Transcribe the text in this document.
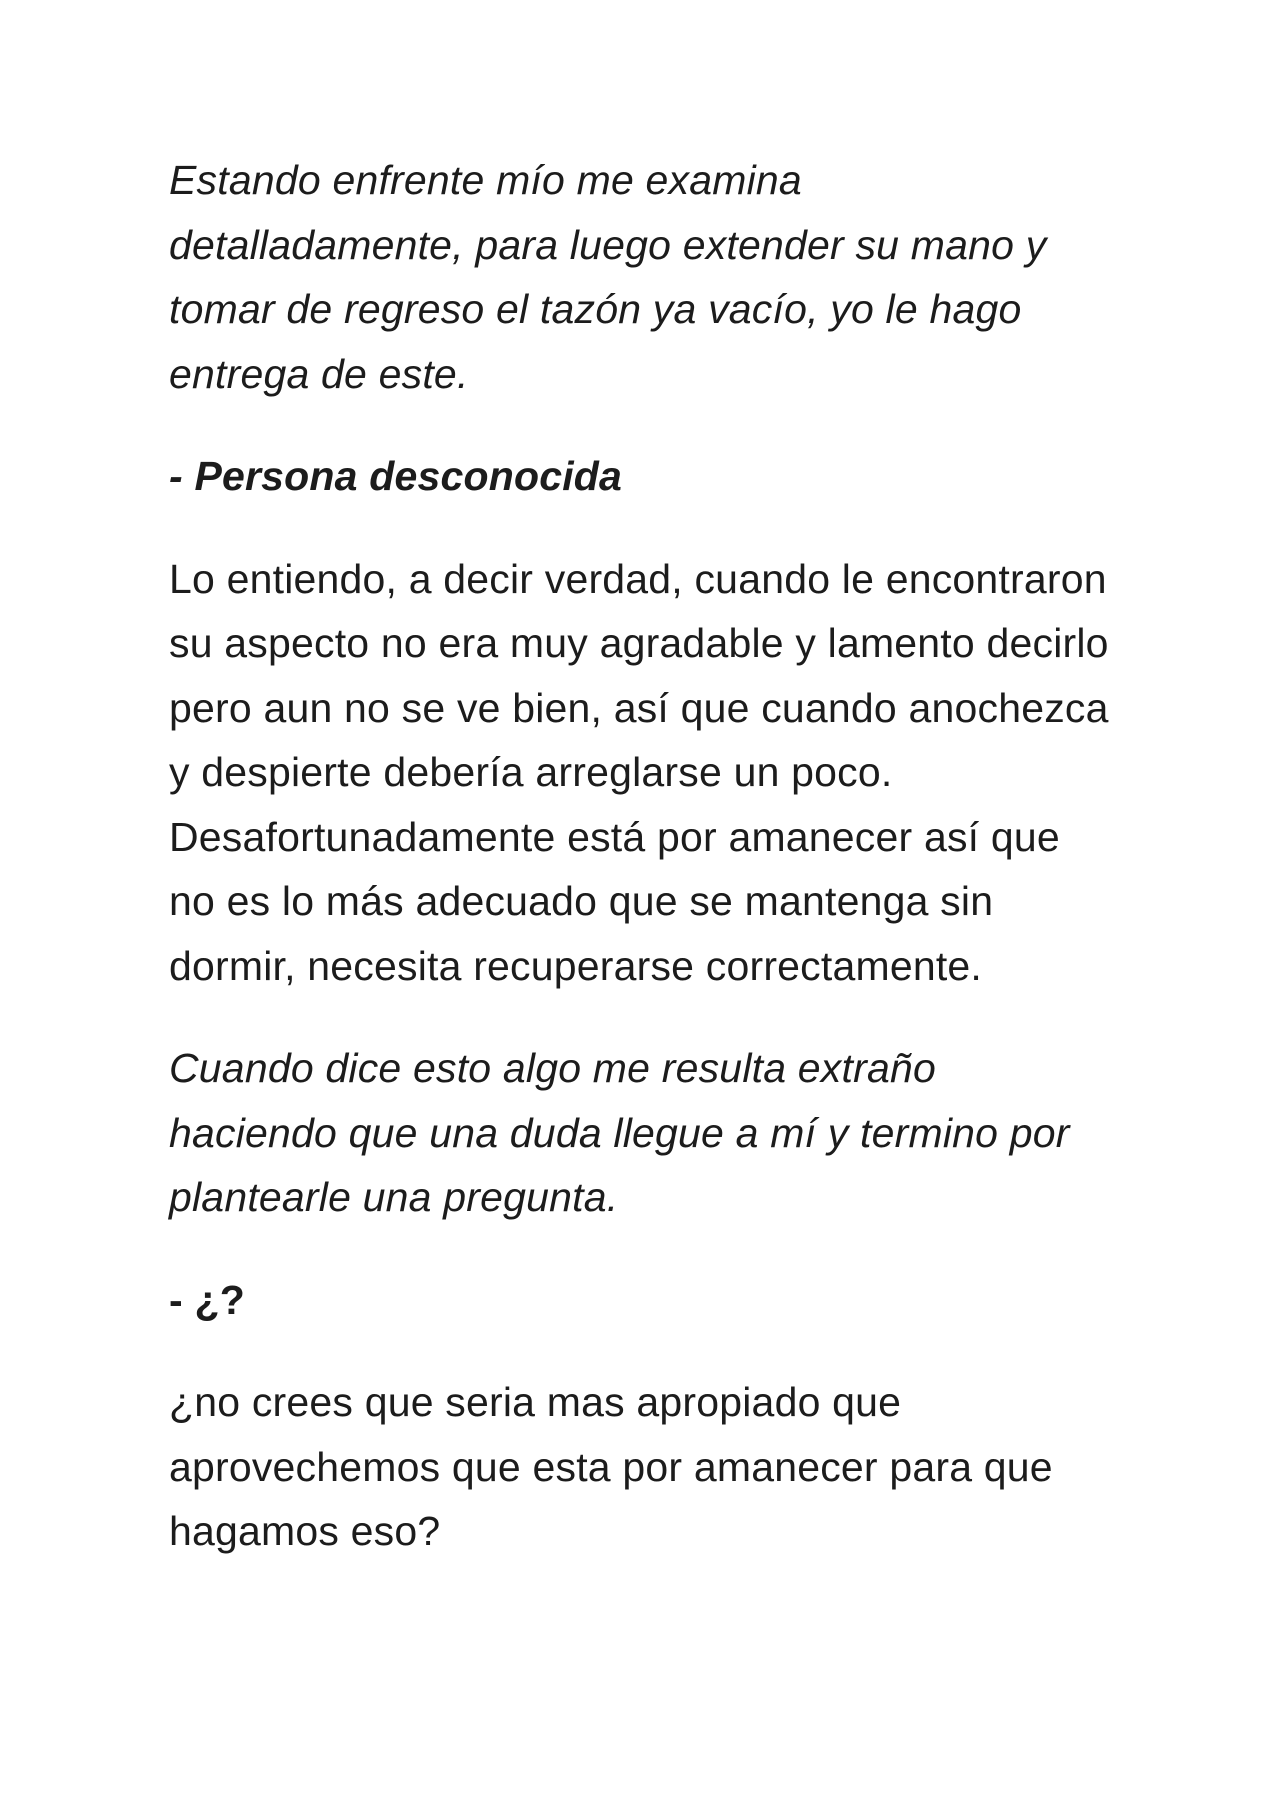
Estando enfrente mío me examina
detalladamente, para luego extender su mano y
tomar de regreso el tazón ya vacío, yo le hago
entrega de este.

- Persona desconocida

Lo entiendo, a decir verdad, cuando le encontraron
su aspecto no era muy agradable y lamento decirlo
pero aun no se ve bien, así que cuando anochezca
y despierte debería arreglarse un poco.
Desafortunadamente está por amanecer así que
no es lo más adecuado que se mantenga sin
dormir, necesita recuperarse correctamente.

Cuando dice esto algo me resulta extraño
haciendo que una duda llegue a mí y termino por
plantearle una pregunta.

- ¿?

¿no crees que seria mas apropiado que
aprovechemos que esta por amanecer para que
hagamos eso?
